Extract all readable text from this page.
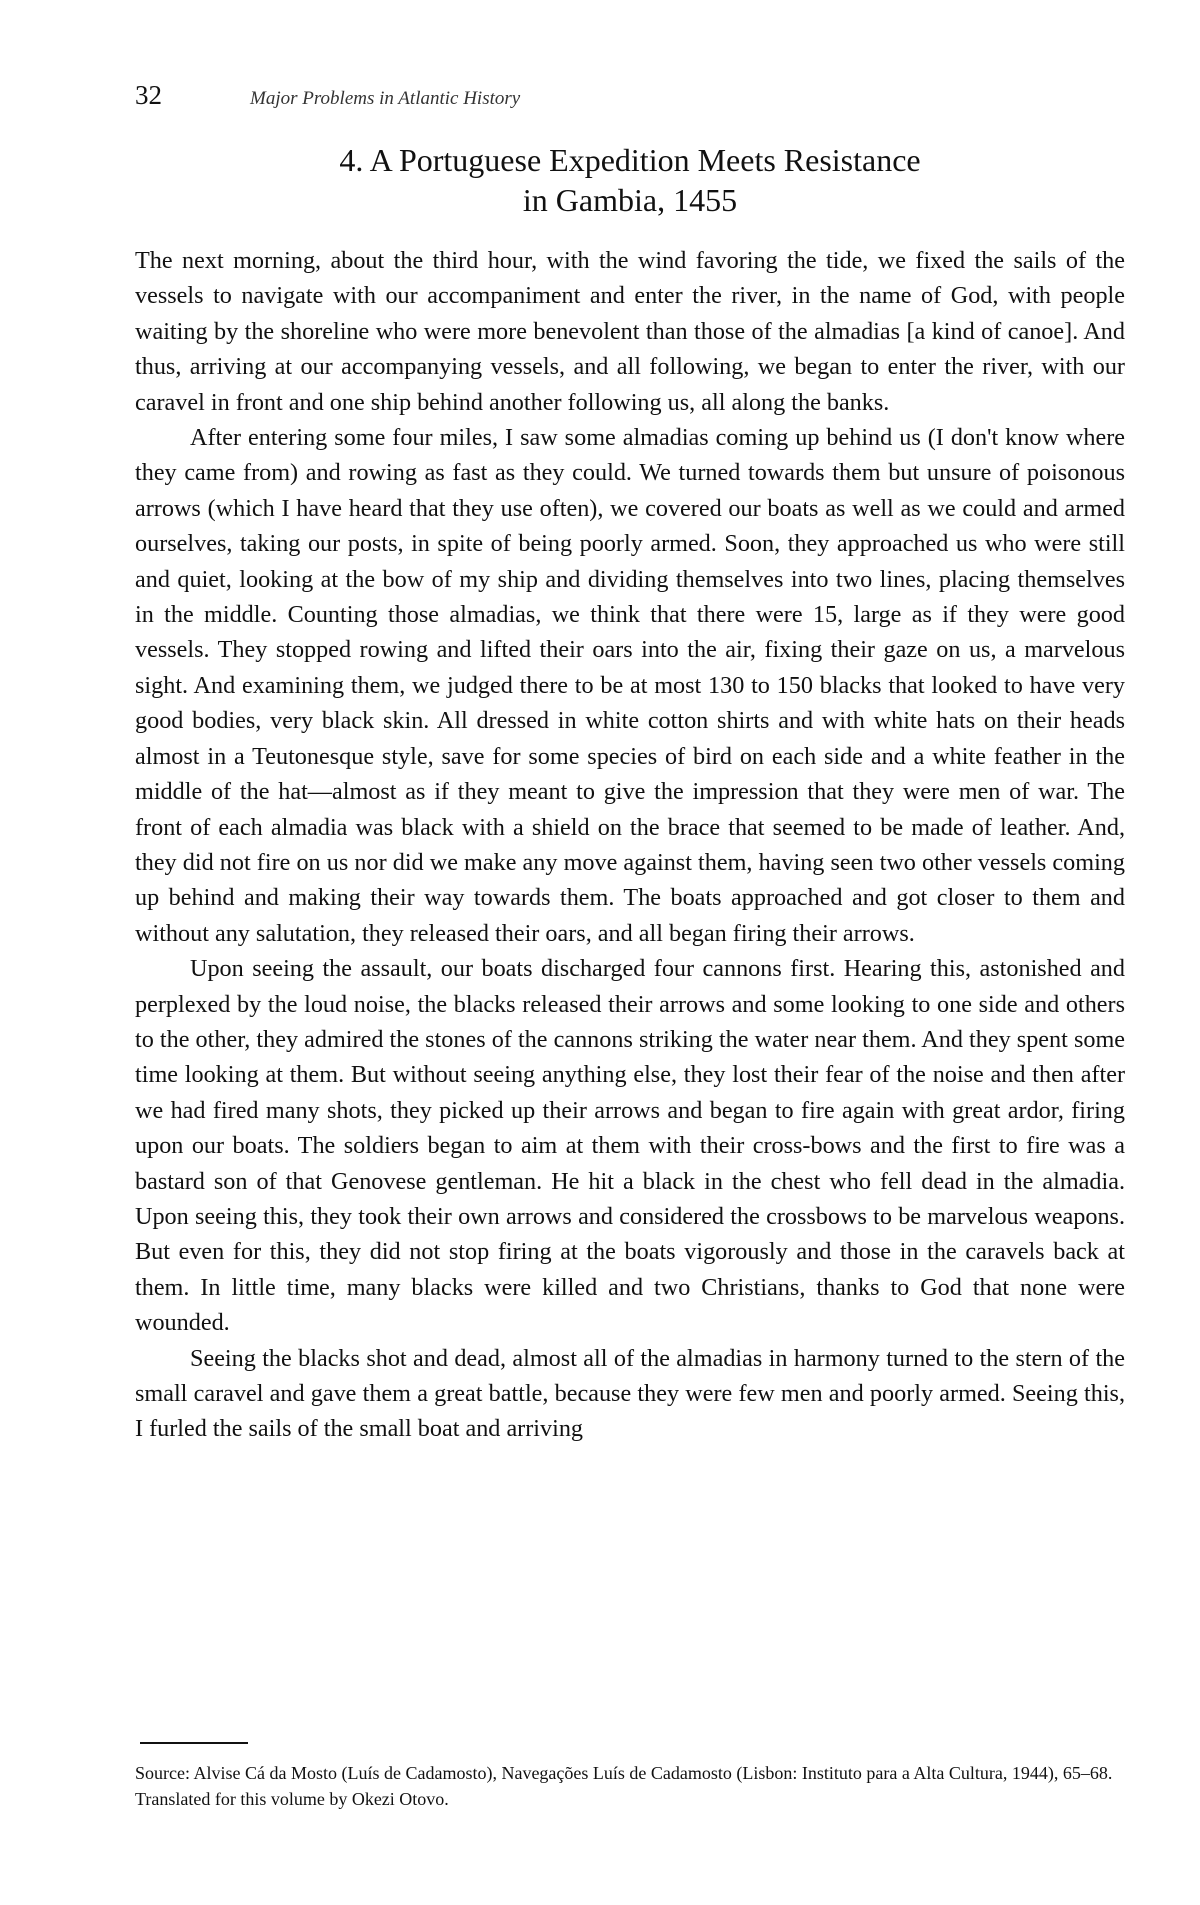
32	Major Problems in Atlantic History
4. A Portuguese Expedition Meets Resistance
in Gambia, 1455

The next morning, about the third hour, with the wind favoring the tide, we fixed the sails of the vessels to navigate with our accompaniment and enter the river, in the name of God, with people waiting by the shoreline who were more benevolent than those of the almadias [a kind of canoe]. And thus, arriving at our accompanying vessels, and all following, we began to enter the river, with our caravel in front and one ship behind another following us, all along the banks.

After entering some four miles, I saw some almadias coming up behind us (I don't know where they came from) and rowing as fast as they could. We turned towards them but unsure of poisonous arrows (which I have heard that they use often), we covered our boats as well as we could and armed ourselves, taking our posts, in spite of being poorly armed. Soon, they approached us who were still and quiet, looking at the bow of my ship and dividing themselves into two lines, placing themselves in the middle. Counting those almadias, we think that there were 15, large as if they were good vessels. They stopped rowing and lifted their oars into the air, fixing their gaze on us, a marvelous sight. And examining them, we judged there to be at most 130 to 150 blacks that looked to have very good bodies, very black skin. All dressed in white cotton shirts and with white hats on their heads almost in a Teutonesque style, save for some species of bird on each side and a white feather in the middle of the hat—almost as if they meant to give the impression that they were men of war. The front of each almadia was black with a shield on the brace that seemed to be made of leather. And, they did not fire on us nor did we make any move against them, having seen two other vessels coming up behind and making their way towards them. The boats approached and got closer to them and without any salutation, they released their oars, and all began firing their arrows.

Upon seeing the assault, our boats discharged four cannons first. Hearing this, astonished and perplexed by the loud noise, the blacks released their arrows and some looking to one side and others to the other, they admired the stones of the cannons striking the water near them. And they spent some time looking at them. But without seeing anything else, they lost their fear of the noise and then after we had fired many shots, they picked up their arrows and began to fire again with great ardor, firing upon our boats. The soldiers began to aim at them with their cross-bows and the first to fire was a bastard son of that Genovese gentleman. He hit a black in the chest who fell dead in the almadia. Upon seeing this, they took their own arrows and considered the crossbows to be marvelous weapons. But even for this, they did not stop firing at the boats vigorously and those in the caravels back at them. In little time, many blacks were killed and two Christians, thanks to God that none were wounded.

Seeing the blacks shot and dead, almost all of the almadias in harmony turned to the stern of the small caravel and gave them a great battle, because they were few men and poorly armed. Seeing this, I furled the sails of the small boat and arriving

Source: Alvise Cá da Mosto (Luís de Cadamosto), Navegações Luís de Cadamosto (Lisbon: Instituto para a Alta Cultura, 1944), 65–68. Translated for this volume by Okezi Otovo.
